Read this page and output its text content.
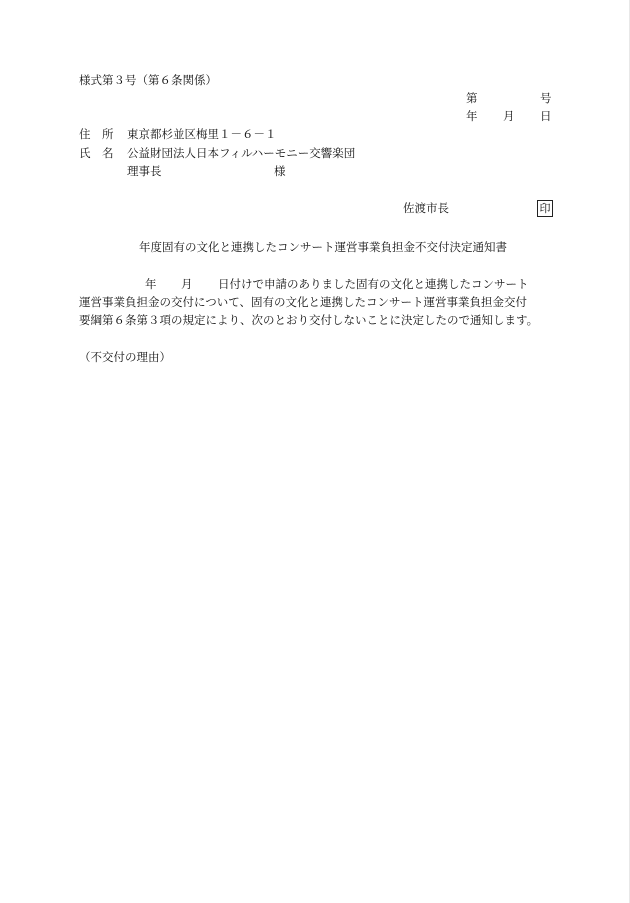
様式第３号（第６条関係）
第	号
年 月 日
住　所 東京都杉並区梅里１－６－１
氏　名 公益財団法人日本フィルハーモニー交響楽団
理事長	様
佐渡市長	印
年度固有の文化と連携したコンサート運営事業負担金不交付決定通知書
年 月 日付けで申請のありました固有の文化と連携したコンサート
運営事業負担金の交付について、固有の文化と連携したコンサート運営事業負担金交付
要綱第６条第３項の規定により、次のとおり交付しないことに決定したので通知します。
（不交付の理由）
